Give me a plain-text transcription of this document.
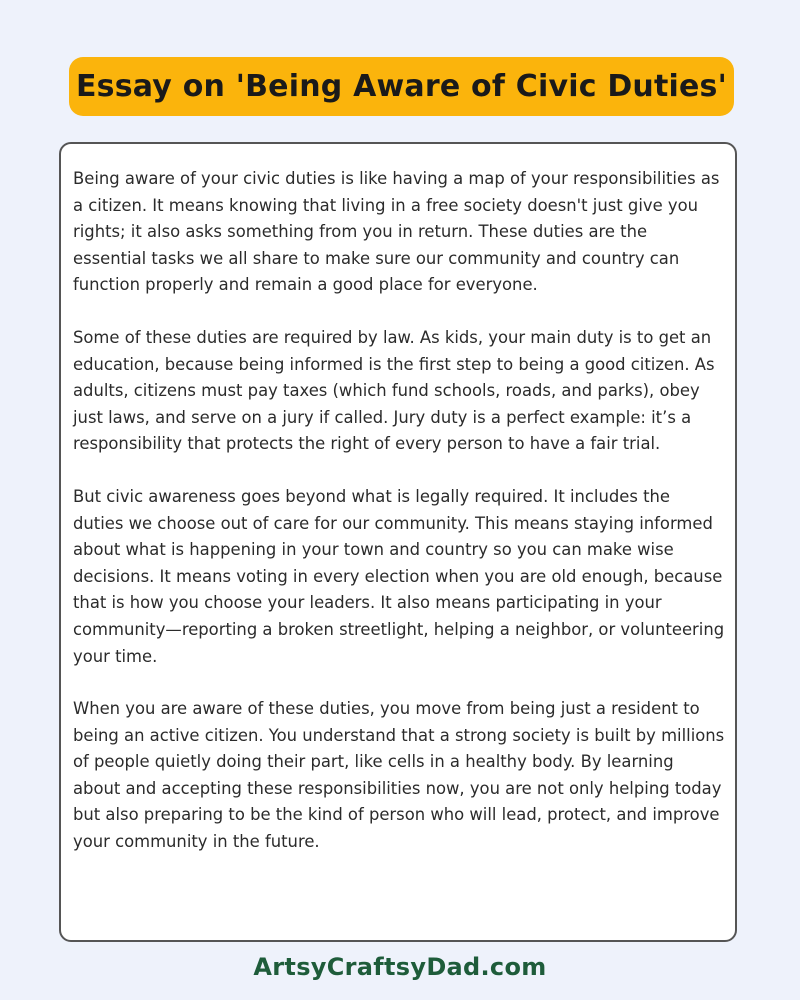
Essay on 'Being Aware of Civic Duties'

Being aware of your civic duties is like having a map of your responsibilities as a citizen. It means knowing that living in a free society doesn't just give you rights; it also asks something from you in return. These duties are the essential tasks we all share to make sure our community and country can function properly and remain a good place for everyone.

Some of these duties are required by law. As kids, your main duty is to get an education, because being informed is the first step to being a good citizen. As adults, citizens must pay taxes (which fund schools, roads, and parks), obey just laws, and serve on a jury if called. Jury duty is a perfect example: it’s a responsibility that protects the right of every person to have a fair trial.

But civic awareness goes beyond what is legally required. It includes the duties we choose out of care for our community. This means staying informed about what is happening in your town and country so you can make wise decisions. It means voting in every election when you are old enough, because that is how you choose your leaders. It also means participating in your community—reporting a broken streetlight, helping a neighbor, or volunteering your time.

When you are aware of these duties, you move from being just a resident to being an active citizen. You understand that a strong society is built by millions of people quietly doing their part, like cells in a healthy body. By learning about and accepting these responsibilities now, you are not only helping today but also preparing to be the kind of person who will lead, protect, and improve your community in the future.

ArtsyCraftsyDad.com
